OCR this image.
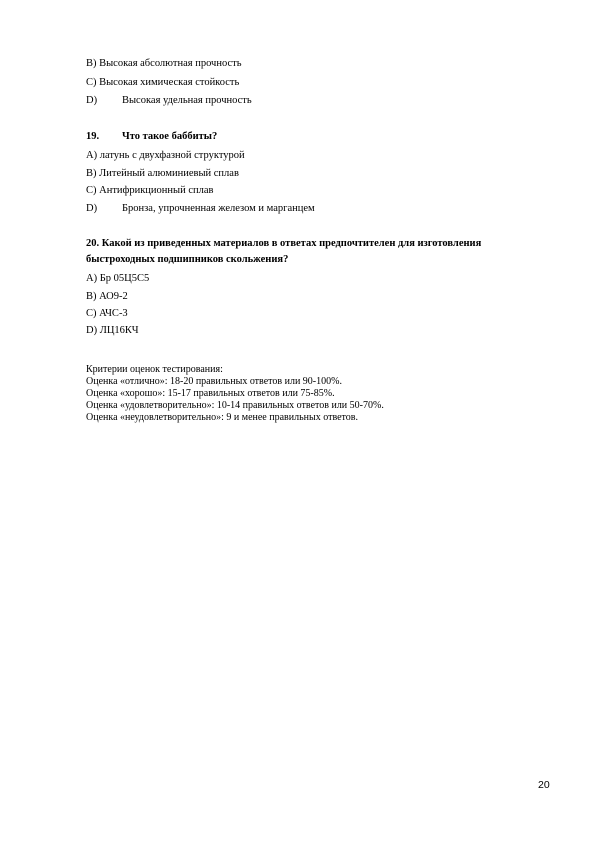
B) Высокая абсолютная прочность
C) Высокая химическая стойкость
D) Высокая удельная прочность
19. Что такое баббиты?
A) латунь с двухфазной структурой
B) Литейный алюминиевый сплав
C) Антифрикционный сплав
D) Бронза, упрочненная железом и марганцем
20. Какой из приведенных материалов в ответах предпочтителен для изготовления
быстроходных подшипников скольжения?
A) Бр 05Ц5С5
B) АО9-2
C) АЧС-3
D) ЛЦ16КЧ
Критерии оценок тестирования:
Оценка «отлично»: 18-20 правильных ответов или 90-100%.
Оценка «хорошо»: 15-17 правильных ответов или 75-85%.
Оценка «удовлетворительно»: 10-14 правильных ответов или 50-70%.
Оценка «неудовлетворительно»: 9 и менее правильных ответов.
20
